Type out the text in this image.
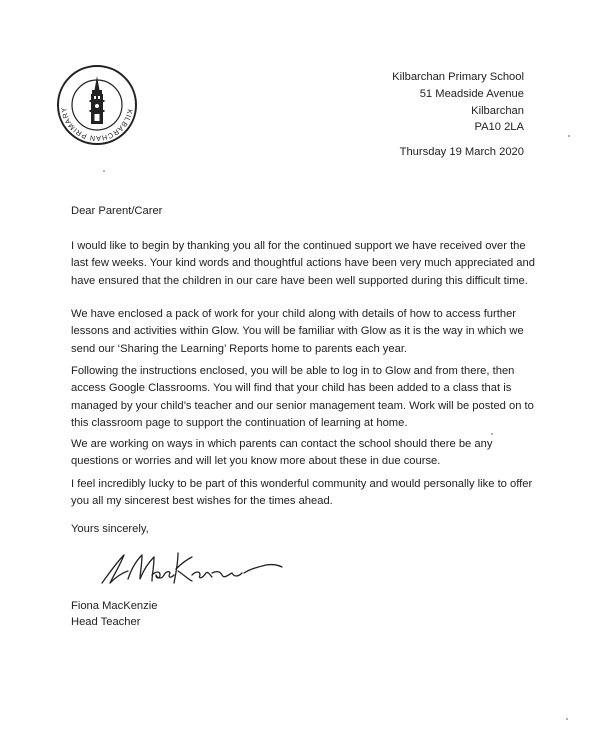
KILBARCHAN PRIMARY
Kilbarchan Primary School
51 Meadside Avenue
Kilbarchan
PA10 2LA
Thursday 19 March 2020
Dear Parent/Carer

I would like to begin by thanking you all for the continued support we have received over the last few weeks. Your kind words and thoughtful actions have been very much appreciated and have ensured that the children in our care have been well supported during this difficult time.

We have enclosed a pack of work for your child along with details of how to access further lessons and activities within Glow. You will be familiar with Glow as it is the way in which we send our ‘Sharing the Learning’ Reports home to parents each year.

Following the instructions enclosed, you will be able to log in to Glow and from there, then access Google Classrooms. You will find that your child has been added to a class that is managed by your child’s teacher and our senior management team. Work will be posted on to this classroom page to support the continuation of learning at home.

We are working on ways in which parents can contact the school should there be any questions or worries and will let you know more about these in due course.

I feel incredibly lucky to be part of this wonderful community and would personally like to offer you all my sincerest best wishes for the times ahead.

Yours sincerely,
Fiona MacKenzie
Head Teacher
